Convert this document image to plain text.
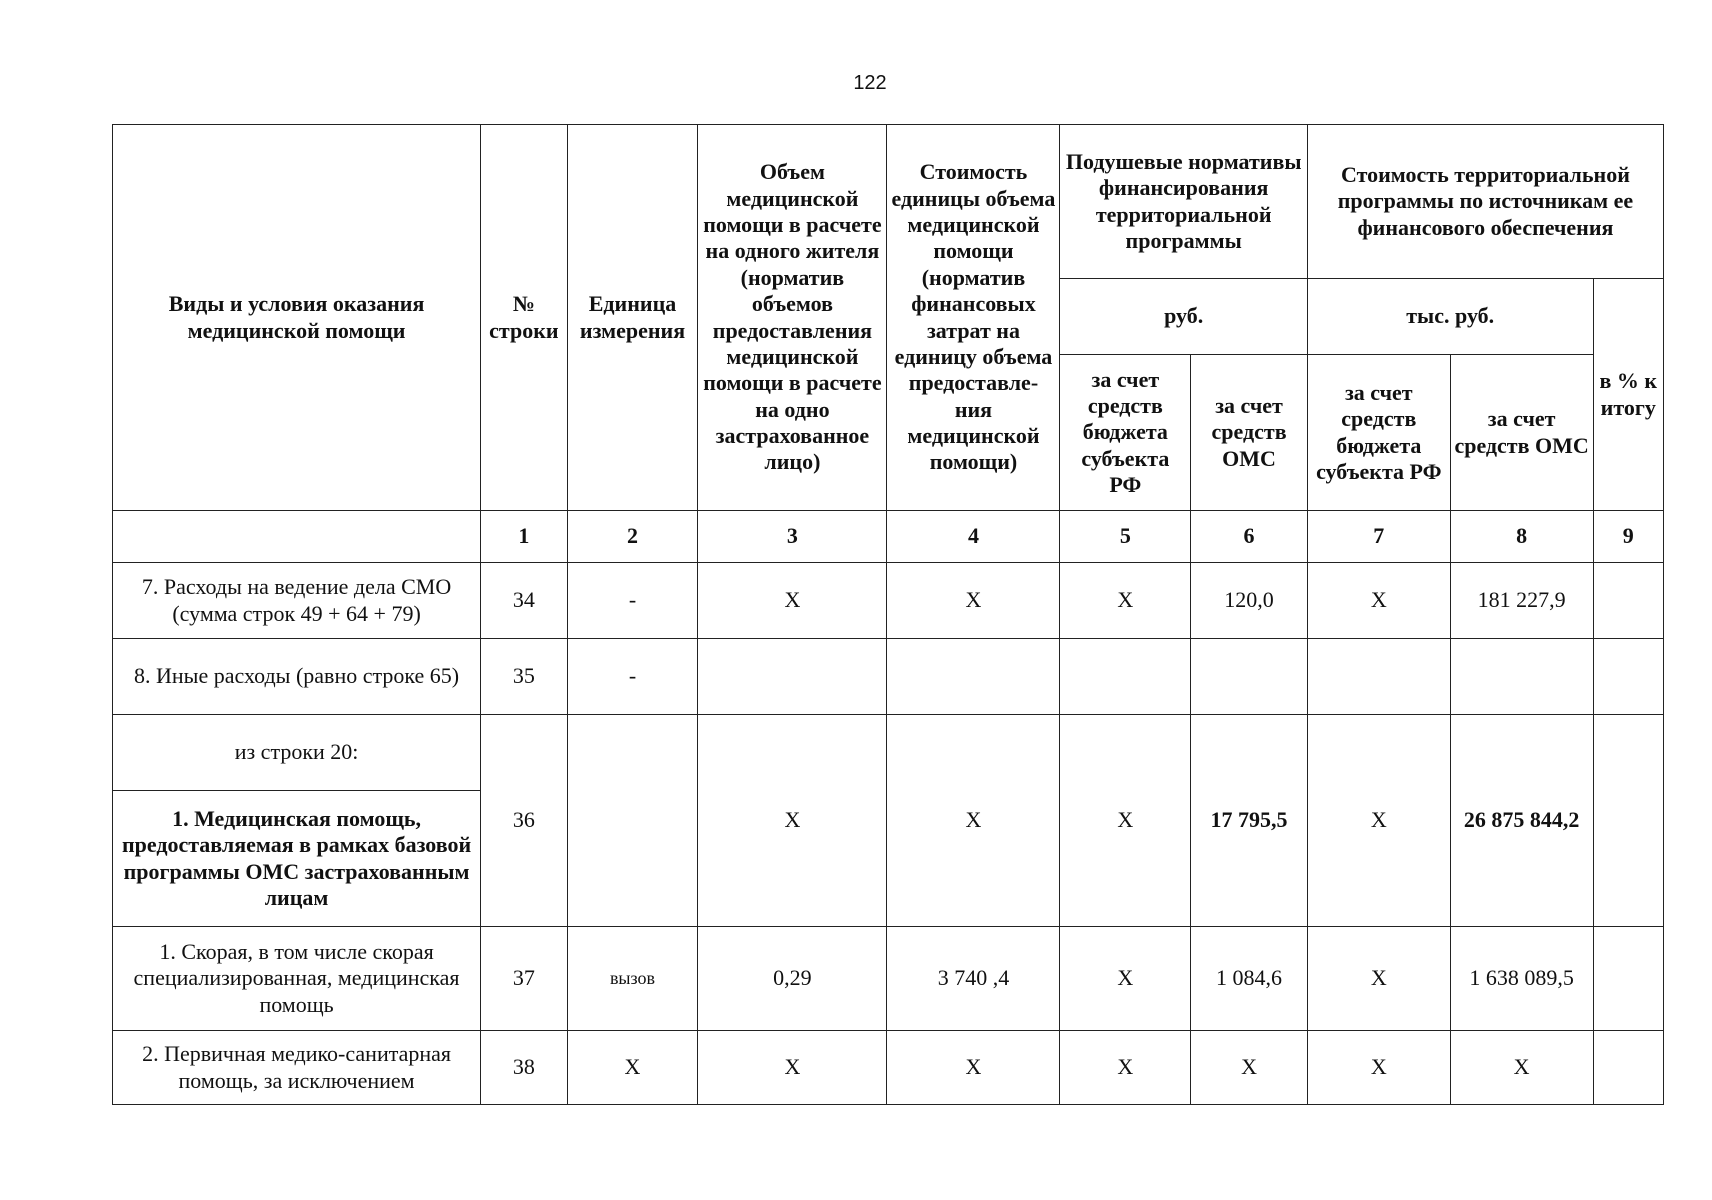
122
Виды и условия оказания медицинской помощи	№ строки	Единица измерения	Объем медицинской помощи в расчете на одного жителя (норматив объемов предоставления медицинской помощи в расчете на одно застрахованное лицо)	Стоимость единицы объема медицинской помощи (норматив финансовых затрат на единицу объема предоставле-ния медицинской помощи)	Подушевые нормативы финансирования территориальной программы		Стоимость территориальной программы по источникам ее финансового обеспечения		
					руб.		тыс. руб.		в % к итогу
					за счет средств бюджета субъекта РФ	за счет средств ОМС	за счет средств бюджета субъекта РФ	за счет средств ОМС	
	1	2	3	4	5	6	7	8	9
7. Расходы на ведение дела СМО (сумма строк 49 + 64 + 79)	34	-	X	X	X	120,0	X	181 227,9	
8. Иные расходы (равно строке 65)	35	-							
из строки 20:	36		X	X	X	17 795,5	X	26 875 844,2	
1. Медицинская помощь, предоставляемая в рамках базовой программы ОМС застрахованным лицам									
1. Скорая, в том числе скорая специализированная, медицинская помощь	37	вызов	0,29	3 740 ,4	X	1 084,6	X	1 638 089,5	
2. Первичная медико-санитарная помощь, за исключением	38	X	X	X	X	X	X	X	
